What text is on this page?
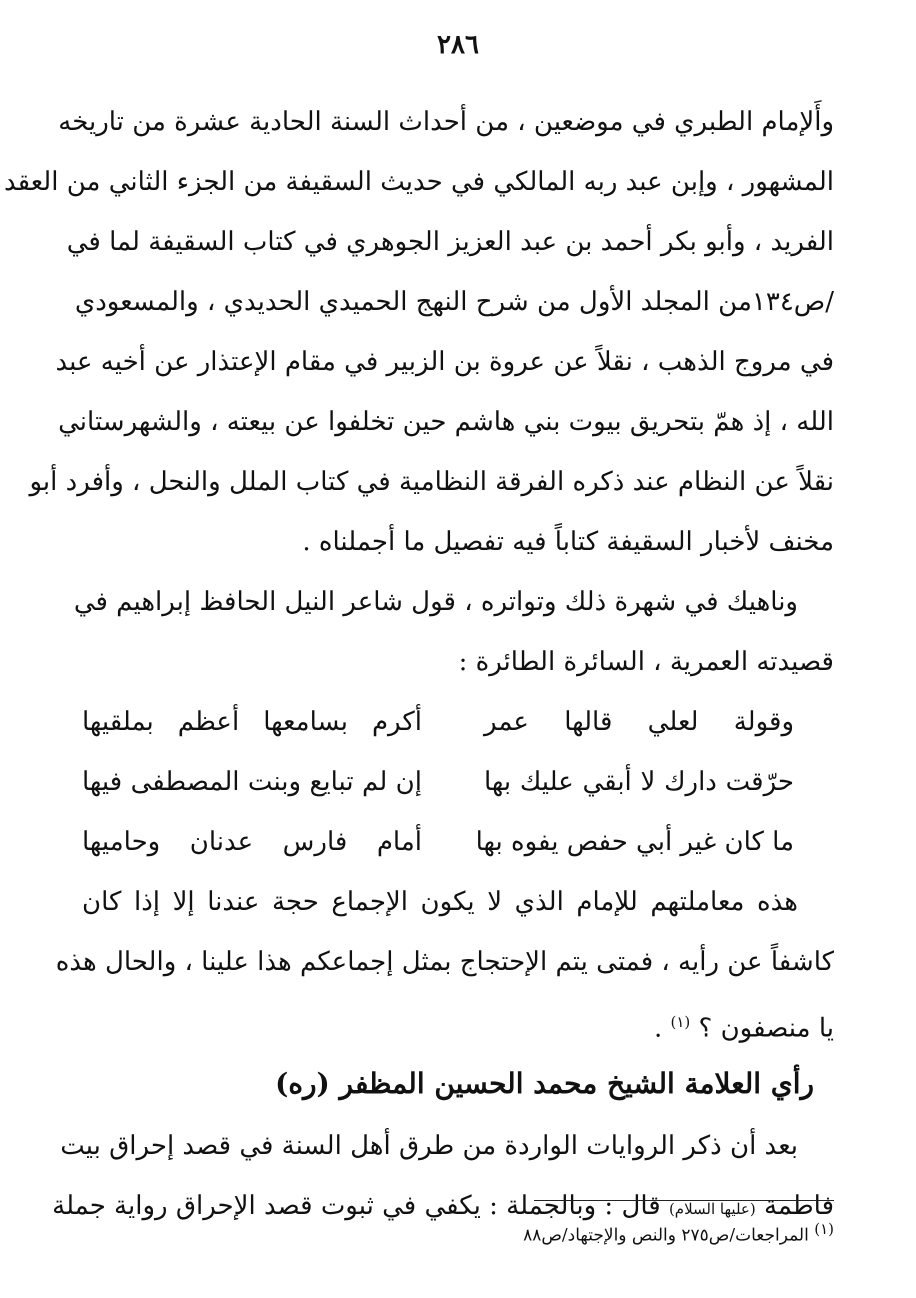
٢٨٦
وأَلإمام الطبري في موضعين ، من أحداث السنة الحادية عشرة من تاريخه
المشهور ، وإبن عبد ربه المالكي في حديث السقيفة من الجزء الثاني من العقد
الفريد ، وأبو بكر أحمد بن عبد العزيز الجوهري في كتاب السقيفة لما في
/ص١٣٤من المجلد الأول من شرح النهج الحميدي الحديدي ، والمسعودي
في مروج الذهب ، نقلاً عن عروة بن الزبير في مقام الإعتذار عن أخيه عبد
الله ، إذ همّ بتحريق بيوت بني هاشم حين تخلفوا عن بيعته ، والشهرستاني
نقلاً عن النظام عند ذكره الفرقة النظامية في كتاب الملل والنحل ، وأفرد أبو
مخنف لأخبار السقيفة كتاباً فيه تفصيل ما أجملناه .
وناهيك في شهرة ذلك وتواتره ، قول شاعر النيل الحافظ إبراهيم في
قصيدته العمرية ، السائرة الطائرة :
وقولة لعلي قالها عمر
أكرم بسامعها أعظم بملقيها
حرّقت دارك لا أبقي عليك بها
إن لم تبايع وبنت المصطفى فيها
ما كان غير أبي حفص يفوه بها
أمام فارس عدنان وحاميها
هذه معاملتهم للإمام الذي لا يكون الإجماع حجة عندنا إلا إذا كان
كاشفاً عن رأيه ، فمتى يتم الإحتجاج بمثل إجماعكم هذا علينا ، والحال هذه
يا منصفون ؟ $^{(١)}$ .
رأي العلامة الشيخ محمد الحسين المظفر (ره)
بعد أن ذكر الروايات الواردة من طرق أهل السنة في قصد إحراق بيت
فاطمة (عليها السلام) قال : وبالجملة : يكفي في ثبوت قصد الإحراق رواية جملة
(١) المراجعات/ص٢٧٥ والنص والإجتهاد/ص٨٨
